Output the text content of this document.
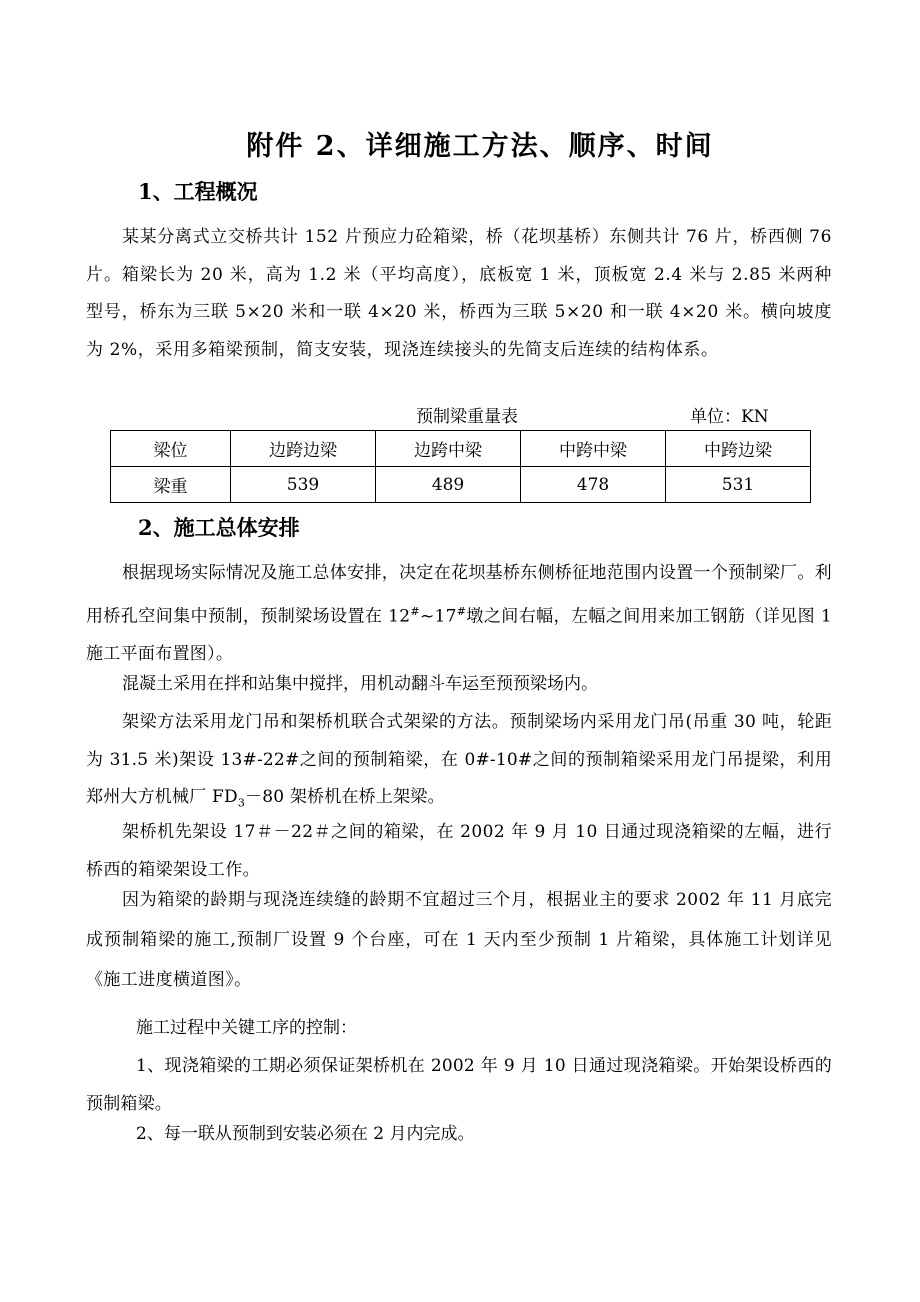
附件 2、详细施工方法、顺序、时间
1、工程概况

某某分离式立交桥共计 152 片预应力砼箱梁，桥（花坝基桥）东侧共计 76 片，桥西侧 76 片。箱梁长为 20 米，高为 1.2 米（平均高度），底板宽 1 米，顶板宽 2.4 米与 2.85 米两种型号，桥东为三联 5×20 米和一联 4×20 米，桥西为三联 5×20 和一联 4×20 米。横向坡度为 2%，采用多箱梁预制，简支安装，现浇连续接头的先简支后连续的结构体系。

预制梁重量表	单位：KN
梁位	边跨边梁	边跨中梁	中跨中梁	中跨边梁
梁重	539	489	478	531
2、施工总体安排

根据现场实际情况及施工总体安排，决定在花坝基桥东侧桥征地范围内设置一个预制梁厂。利用桥孔空间集中预制，预制梁场设置在 12#~17#墩之间右幅，左幅之间用来加工钢筋（详见图 1 施工平面布置图）。

混凝土采用在拌和站集中搅拌，用机动翻斗车运至预预梁场内。

架梁方法采用龙门吊和架桥机联合式架梁的方法。预制梁场内采用龙门吊(吊重 30 吨，轮距为 31.5 米)架设 13#-22#之间的预制箱梁，在 0#-10#之间的预制箱梁采用龙门吊提梁，利用郑州大方机械厂 $FD_3-80$ 架桥机在桥上架梁。

架桥机先架设 17＃－22＃之间的箱梁，在 2002 年 9 月 10 日通过现浇箱梁的左幅，进行桥西的箱梁架设工作。

因为箱梁的龄期与现浇连续缝的龄期不宜超过三个月，根据业主的要求 2002 年 11 月底完成预制箱梁的施工,预制厂设置 9 个台座，可在 1 天内至少预制 1 片箱梁，具体施工计划详见《施工进度横道图》。

施工过程中关键工序的控制：

1、现浇箱梁的工期必须保证架桥机在 2002 年 9 月 10 日通过现浇箱梁。开始架设桥西的预制箱梁。

2、每一联从预制到安装必须在 2 月内完成。
